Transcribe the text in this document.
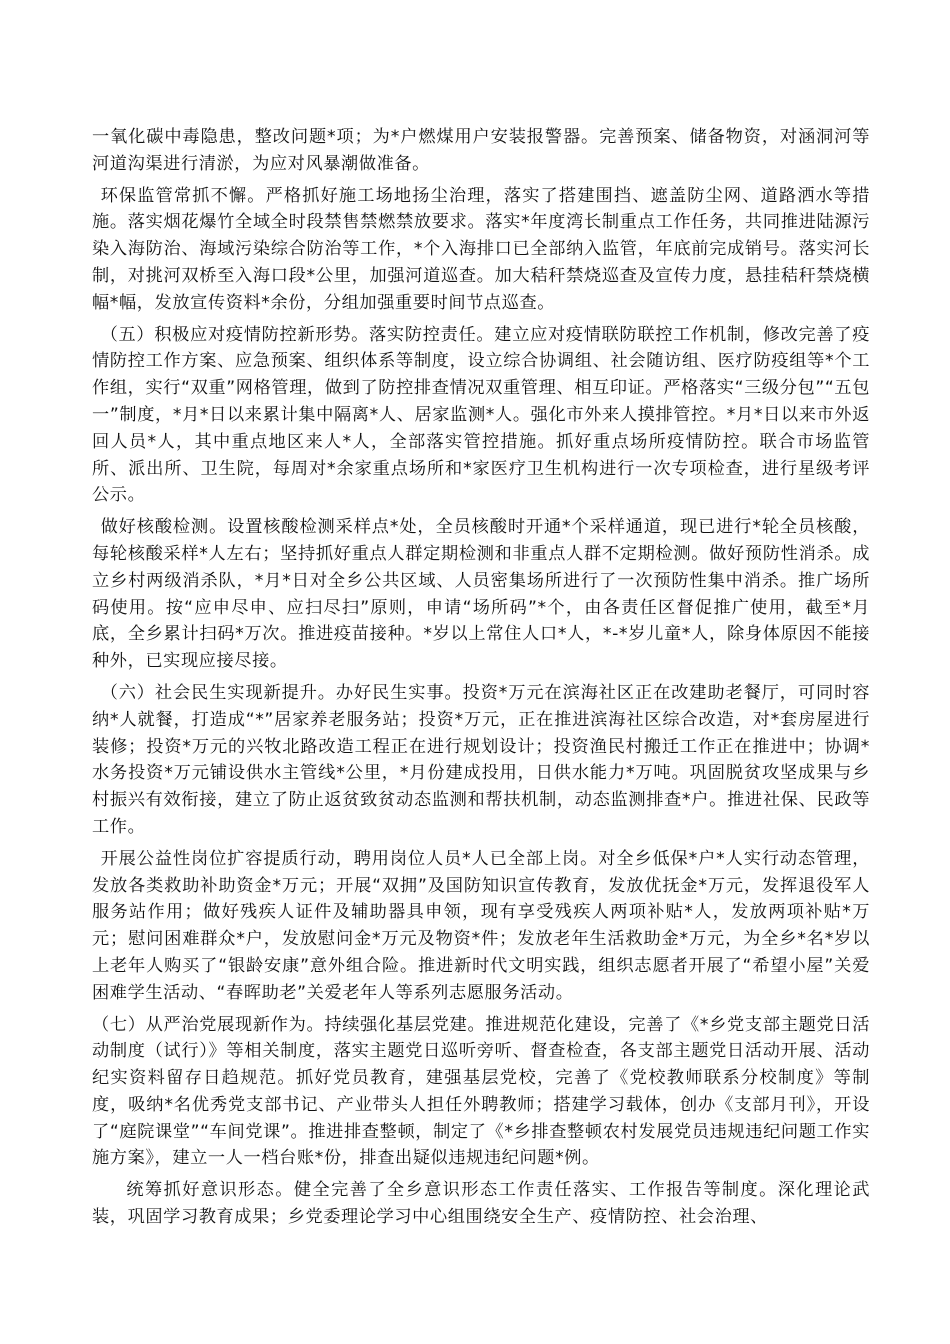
一氧化碳中毒隐患，整改问题*项；为*户燃煤用户安装报警器。完善预案、储备物资，对涵洞河等河道沟渠进行清淤，为应对风暴潮做准备。

环保监管常抓不懈。严格抓好施工场地扬尘治理，落实了搭建围挡、遮盖防尘网、道路洒水等措施。落实烟花爆竹全域全时段禁售禁燃禁放要求。落实*年度湾长制重点工作任务，共同推进陆源污染入海防治、海域污染综合防治等工作，*个入海排口已全部纳入监管，年底前完成销号。落实河长制，对挑河双桥至入海口段*公里，加强河道巡查。加大秸秆禁烧巡查及宣传力度，悬挂秸秆禁烧横幅*幅，发放宣传资料*余份，分组加强重要时间节点巡查。

（五）积极应对疫情防控新形势。落实防控责任。建立应对疫情联防联控工作机制，修改完善了疫情防控工作方案、应急预案、组织体系等制度，设立综合协调组、社会随访组、医疗防疫组等*个工作组，实行“双重”网格管理，做到了防控排查情况双重管理、相互印证。严格落实“三级分包”“五包一”制度，*月*日以来累计集中隔离*人、居家监测*人。强化市外来人摸排管控。*月*日以来市外返回人员*人，其中重点地区来人*人，全部落实管控措施。抓好重点场所疫情防控。联合市场监管所、派出所、卫生院，每周对*余家重点场所和*家医疗卫生机构进行一次专项检查，进行星级考评公示。

做好核酸检测。设置核酸检测采样点*处，全员核酸时开通*个采样通道，现已进行*轮全员核酸，每轮核酸采样*人左右；坚持抓好重点人群定期检测和非重点人群不定期检测。做好预防性消杀。成立乡村两级消杀队，*月*日对全乡公共区域、人员密集场所进行了一次预防性集中消杀。推广场所码使用。按“应申尽申、应扫尽扫”原则，申请“场所码”*个，由各责任区督促推广使用，截至*月底，全乡累计扫码*万次。推进疫苗接种。*岁以上常住人口*人，*-*岁儿童*人，除身体原因不能接种外，已实现应接尽接。

（六）社会民生实现新提升。办好民生实事。投资*万元在滨海社区正在改建助老餐厅，可同时容纳*人就餐，打造成“*”居家养老服务站；投资*万元，正在推进滨海社区综合改造，对*套房屋进行装修；投资*万元的兴牧北路改造工程正在进行规划设计；投资渔民村搬迁工作正在推进中；协调*水务投资*万元铺设供水主管线*公里，*月份建成投用，日供水能力*万吨。巩固脱贫攻坚成果与乡村振兴有效衔接，建立了防止返贫致贫动态监测和帮扶机制，动态监测排查*户。推进社保、民政等工作。

开展公益性岗位扩容提质行动，聘用岗位人员*人已全部上岗。对全乡低保*户*人实行动态管理，发放各类救助补助资金*万元；开展“双拥”及国防知识宣传教育，发放优抚金*万元，发挥退役军人服务站作用；做好残疾人证件及辅助器具申领，现有享受残疾人两项补贴*人，发放两项补贴*万元；慰问困难群众*户，发放慰问金*万元及物资*件；发放老年生活救助金*万元，为全乡*名*岁以上老年人购买了“银龄安康”意外组合险。推进新时代文明实践，组织志愿者开展了“希望小屋”关爱困难学生活动、“春晖助老”关爱老年人等系列志愿服务活动。

（七）从严治党展现新作为。持续强化基层党建。推进规范化建设，完善了《*乡党支部主题党日活动制度（试行）》等相关制度，落实主题党日巡听旁听、督查检查，各支部主题党日活动开展、活动纪实资料留存日趋规范。抓好党员教育，建强基层党校，完善了《党校教师联系分校制度》等制度，吸纳*名优秀党支部书记、产业带头人担任外聘教师；搭建学习载体，创办《支部月刊》，开设了“庭院课堂”“车间党课”。推进排查整顿，制定了《*乡排查整顿农村发展党员违规违纪问题工作实施方案》，建立一人一档台账*份，排查出疑似违规违纪问题*例。

统筹抓好意识形态。健全完善了全乡意识形态工作责任落实、工作报告等制度。深化理论武装，巩固学习教育成果；乡党委理论学习中心组围绕安全生产、疫情防控、社会治理、
